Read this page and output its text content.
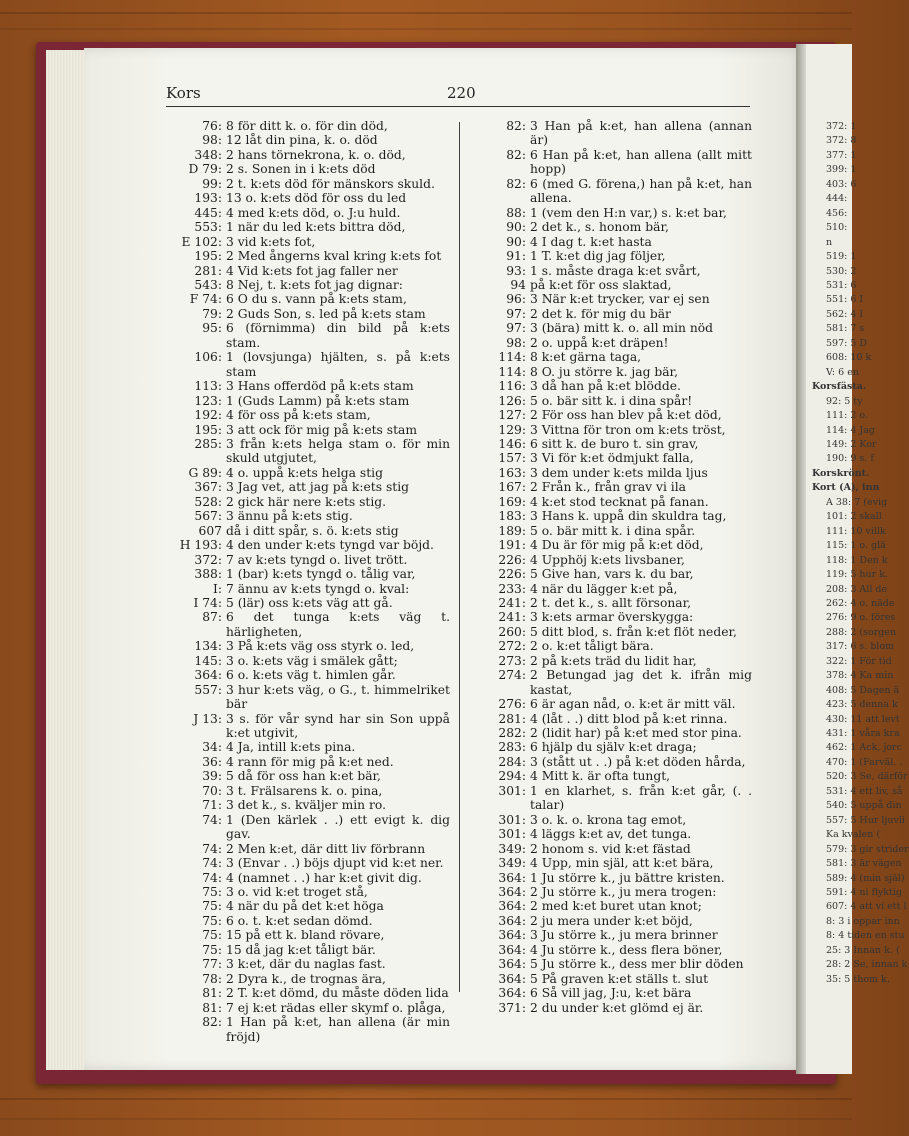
372: 1
372: 8
377: 1
399: 1
403: 6
444:
456:
510:
n
519: 1
530: 2
531: 6
551: 6 I
562: 4 I
581: 7 s
597: 5 D
608: 10 k
V: 6 en
Korsfästa.
92: 5 ty
111: 2 o.
114: 4 Jag
149: 2 Kor
190: 9 s. f
Korskrönt.
Kort (A), inn
A 38: 7 (evig
101: 2 skall
111: 10 villk
115: 1 o. glä
118: 1 Den k
119: 5 hur k.
208: 3 All de
262: 4 o. näde
276: 9 o. föres
288: 2 (sorgen
317: 6 s. blom
322: 1 För tid
378: 4 Ka min
408: 5 Dagen ä
423: 5 denna k
430: 11 att levt
431: 1 våra kra
462: 1 Ack, jorc
470: 1 (Farväl. .
520: 3 Se, därför
531: 4 ett liv, så
540: 5 uppå din
557: 5 Hur ljuvli
Ka kvalen (
579: 3 gir strider
581: 3 är vägen
589: 4 (min själ)
591: 4 ni flyktig
607: 4 att vi ett l
8: 3 i oppar inn
8: 4 tiden en stu
25: 3 Innan k. (
28: 2 Se, innan k
35: 5 thom k.
Kors	220
76: 8 för ditt k. o. för din död,
98: 12 låt din pina, k. o. död
348: 2 hans törnekrona, k. o. död,
D 79: 2 s. Sonen in i k:ets död
99: 2 t. k:ets död för mänskors skuld.
193: 13 o. k:ets död för oss du led
445: 4 med k:ets död, o. J:u huld.
553: 1 när du led k:ets bittra död,
E 102: 3 vid k:ets fot,
195: 2 Med ångerns kval kring k:ets fot
281: 4 Vid k:ets fot jag faller ner
543: 8 Nej, t. k:ets fot jag dignar:
F 74: 6 O du s. vann på k:ets stam,
79: 2 Guds Son, s. led på k:ets stam
95: 6 (förnimma) din bild på k:ets stam.
106: 1 (lovsjunga) hjälten, s. på k:ets stam
113: 3 Hans offerdöd på k:ets stam
123: 1 (Guds Lamm) på k:ets stam
192: 4 för oss på k:ets stam,
195: 3 att ock för mig på k:ets stam
285: 3 från k:ets helga stam o. för min skuld utgjutet,
G 89: 4 o. uppå k:ets helga stig
367: 3 Jag vet, att jag på k:ets stig
528: 2 gick här nere k:ets stig.
567: 3 ännu på k:ets stig.
607 då i ditt spår, s. ö. k:ets stig
H 193: 4 den under k:ets tyngd var böjd.
372: 7 av k:ets tyngd o. livet trött.
388: 1 (bar) k:ets tyngd o. tålig var,
I: 7 ännu av k:ets tyngd o. kval:
I 74: 5 (lär) oss k:ets väg att gå.
87: 6 det tunga k:ets väg t. härligheten,
134: 3 På k:ets väg oss styrk o. led,
145: 3 o. k:ets väg i smälek gått;
364: 6 o. k:ets väg t. himlen går.
557: 3 hur k:ets väg, o G., t. himmelriket bär
J 13: 3 s. för vår synd har sin Son uppå k:et utgivit,
34: 4 Ja, intill k:ets pina.
36: 4 rann för mig på k:et ned.
39: 5 då för oss han k:et bär,
70: 3 t. Frälsarens k. o. pina,
71: 3 det k., s. kväljer min ro.
74: 1 (Den kärlek . .) ett evigt k. dig gav.
74: 2 Men k:et, där ditt liv förbrann
74: 3 (Envar . .) böjs djupt vid k:et ner.
74: 4 (namnet . .) har k:et givit dig.
75: 3 o. vid k:et troget stå,
75: 4 när du på det k:et höga
75: 6 o. t. k:et sedan dömd.
75: 15 på ett k. bland rövare,
75: 15 då jag k:et tåligt bär.
77: 3 k:et, där du naglas fast.
78: 2 Dyra k., de trognas ära,
81: 2 T. k:et dömd, du måste döden lida
81: 7 ej k:et rädas eller skymf o. plåga,
82: 1 Han på k:et, han allena (är min fröjd)
82: 3 Han på k:et, han allena (annan är)
82: 6 Han på k:et, han allena (allt mitt hopp)
82: 6 (med G. förena,) han på k:et, han allena.
88: 1 (vem den H:n var,) s. k:et bar,
90: 2 det k., s. honom bär,
90: 4 I dag t. k:et hasta
91: 1 T. k:et dig jag följer,
93: 1 s. måste draga k:et svårt,
94 på k:et för oss slaktad,
96: 3 När k:et trycker, var ej sen
97: 2 det k. för mig du bär
97: 3 (bära) mitt k. o. all min nöd
98: 2 o. uppå k:et dräpen!
114: 8 k:et gärna taga,
114: 8 O. ju större k. jag bär,
116: 3 då han på k:et blödde.
126: 5 o. bär sitt k. i dina spår!
127: 2 För oss han blev på k:et död,
129: 3 Vittna för tron om k:ets tröst,
146: 6 sitt k. de buro t. sin grav,
157: 3 Vi för k:et ödmjukt falla,
163: 3 dem under k:ets milda ljus
167: 2 Från k., från grav vi ila
169: 4 k:et stod tecknat på fanan.
183: 3 Hans k. uppå din skuldra tag,
189: 5 o. bär mitt k. i dina spår.
191: 4 Du är för mig på k:et död,
226: 4 Upphöj k:ets livsbaner,
226: 5 Give han, vars k. du bar,
233: 4 när du lägger k:et på,
241: 2 t. det k., s. allt försonar,
241: 3 k:ets armar överskygga:
260: 5 ditt blod, s. från k:et flöt neder,
272: 2 o. k:et tåligt bära.
273: 2 på k:ets träd du lidit har,
274: 2 Betungad jag det k. ifrån mig kastat,
276: 6 är agan nåd, o. k:et är mitt väl.
281: 4 (låt . .) ditt blod på k:et rinna.
282: 2 (lidit har) på k:et med stor pina.
283: 6 hjälp du själv k:et draga;
284: 3 (stått ut . .) på k:et döden hårda,
294: 4 Mitt k. är ofta tungt,
301: 1 en klarhet, s. från k:et går, (. . talar)
301: 3 o. k. o. krona tag emot,
301: 4 läggs k:et av, det tunga.
349: 2 honom s. vid k:et fästad
349: 4 Upp, min själ, att k:et bära,
364: 1 Ju större k., ju bättre kristen.
364: 2 Ju större k., ju mera trogen:
364: 2 med k:et buret utan knot;
364: 2 ju mera under k:et böjd,
364: 3 Ju större k., ju mera brinner
364: 4 Ju större k., dess flera böner,
364: 5 Ju större k., dess mer blir döden
364: 5 På graven k:et ställs t. slut
364: 6 Så vill jag, J:u, k:et bära
371: 2 du under k:et glömd ej är.
